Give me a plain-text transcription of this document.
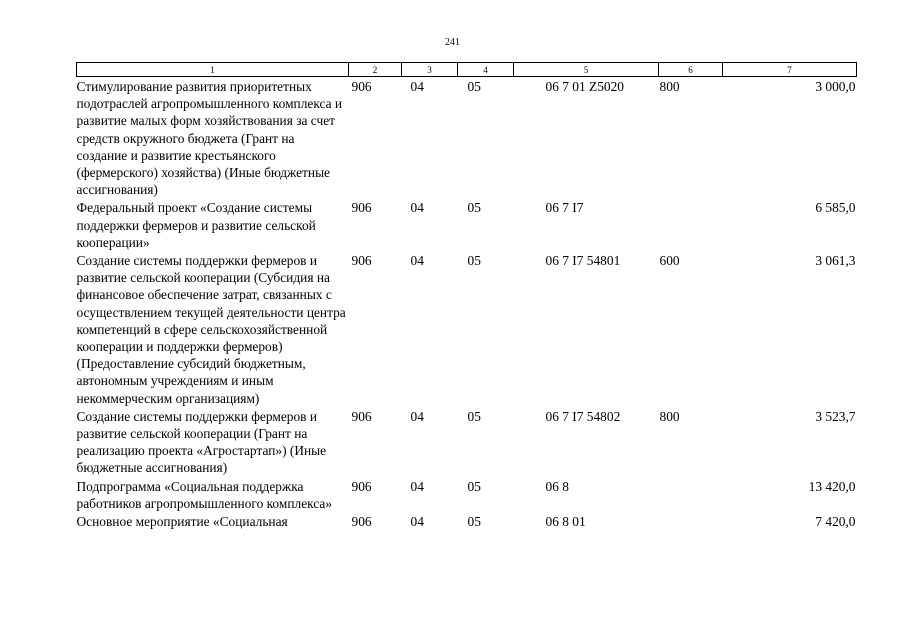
241
1	2	3	4	5	6	7
Стимулирование развития приоритетных подотраслей агропромышленного комплекса и развитие малых форм хозяйствования за счет средств окружного бюджета (Грант на создание и развитие крестьянского (фермерского) хозяйства) (Иные бюджетные ассигнования)	906	04	05	06 7 01 Z5020	800	3 000,0
Федеральный проект «Создание системы поддержки фермеров и развитие сельской кооперации»	906	04	05	06 7 I7		6 585,0
Создание системы поддержки фермеров и развитие сельской кооперации (Субсидия на финансовое обеспечение затрат, связанных с осуществлением текущей деятельности центра компетенций в сфере сельскохозяйственной кооперации и поддержки фермеров) (Предоставление субсидий бюджетным, автономным учреждениям и иным некоммерческим организациям)	906	04	05	06 7 I7 54801	600	3 061,3
Создание системы поддержки фермеров и развитие сельской кооперации (Грант на реализацию проекта «Агростартап») (Иные бюджетные ассигнования)	906	04	05	06 7 I7 54802	800	3 523,7
Подпрограмма «Социальная поддержка работников агропромышленного комплекса»	906	04	05	06 8		13 420,0
Основное мероприятие «Социальная	906	04	05	06 8 01		7 420,0
